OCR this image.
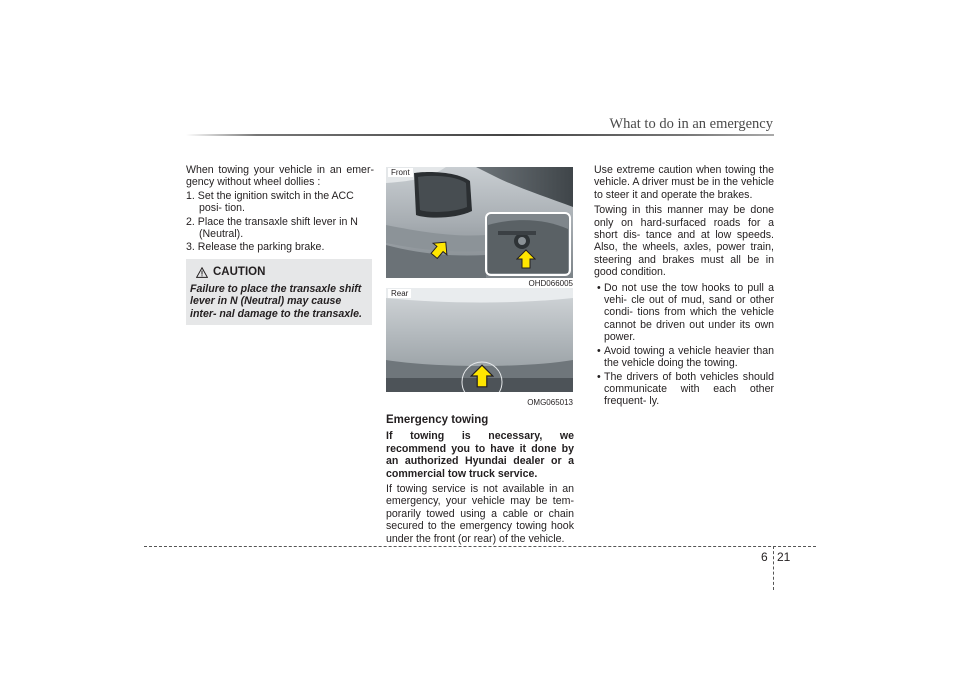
What to do in an emergency

When towing your vehicle in an emer- gency without wheel dollies :

1. Set the ignition switch in the ACC posi- tion.
2. Place the transaxle shift lever in N (Neutral).
3. Release the parking brake.
CAUTION
Failure to place the transaxle shift lever in N (Neutral) may cause inter- nal damage to the transaxle.
Front
OHD066005
Rear
OMG065013
Emergency towing

If towing is necessary, we recommend you to have it done by an authorized Hyundai dealer or a commercial tow truck service.

If towing service is not available in an emergency, your vehicle may be tem- porarily towed using a cable or chain secured to the emergency towing hook under the front (or rear) of the vehicle.

Use extreme caution when towing the vehicle. A driver must be in the vehicle to steer it and operate the brakes.

Towing in this manner may be done only on hard-surfaced roads for a short dis- tance and at low speeds. Also, the wheels, axles, power train, steering and brakes must all be in good condition.

• Do not use the tow hooks to pull a vehi- cle out of mud, sand or other condi- tions from which the vehicle cannot be driven out under its own power.
• Avoid towing a vehicle heavier than the vehicle doing the towing.
• The drivers of both vehicles should communicate with each other frequent- ly.
6 21
